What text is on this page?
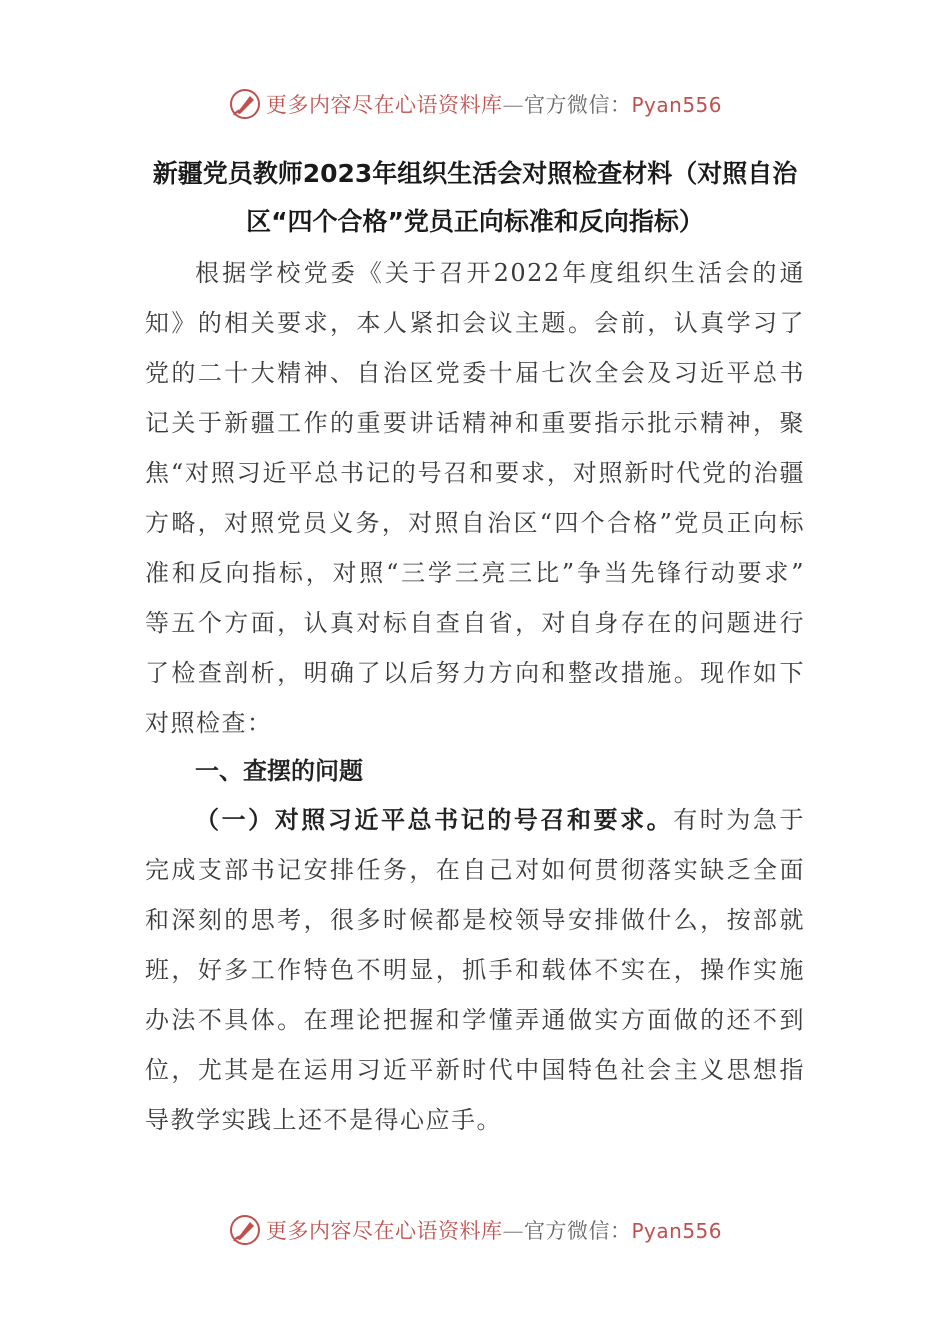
更多内容尽在心语资料库—官方微信：Pyan556
新疆党员教师2023年组织生活会对照检查材料（对照自治区“四个合格”党员正向标准和反向指标）
根据学校党委《关于召开2022年度组织生活会的通知》的相关要求，本人紧扣会议主题。会前，认真学习了党的二十大精神、自治区党委十届七次全会及习近平总书记关于新疆工作的重要讲话精神和重要指示批示精神，聚焦“对照习近平总书记的号召和要求，对照新时代党的治疆方略，对照党员义务，对照自治区“四个合格”党员正向标准和反向指标，对照“三学三亮三比”争当先锋行动要求” 等五个方面，认真对标自查自省，对自身存在的问题进行了检查剖析，明确了以后努力方向和整改措施。现作如下对照检查：
一、查摆的问题
（一）对照习近平总书记的号召和要求。有时为急于完成支部书记安排任务，在自己对如何贯彻落实缺乏全面和深刻的思考，很多时候都是校领导安排做什么，按部就班，好多工作特色不明显，抓手和载体不实在，操作实施办法不具体。在理论把握和学懂弄通做实方面做的还不到位，尤其是在运用习近平新时代中国特色社会主义思想指导教学实践上还不是得心应手。
更多内容尽在心语资料库—官方微信：Pyan556
